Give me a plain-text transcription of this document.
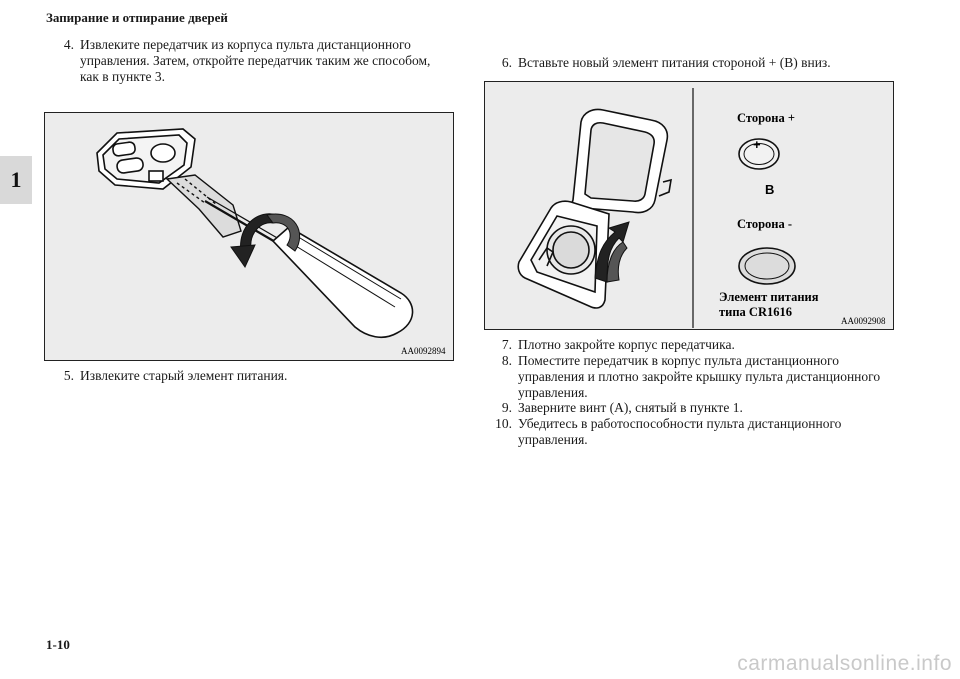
Запирание и отпирание дверей
1
4. Извлеките передатчик из корпуса пульта дистанционного
управления. Затем, откройте передатчик таким же способом,
как в пункте 3.
AA0092894
5. Извлеките старый элемент питания.
6. Вставьте новый элемент питания стороной + (B) вниз.
Сторона +
+
B
Сторона -
Элемент питания
типа CR1616
AA0092908
7. Плотно закройте корпус передатчика.
8. Поместите передатчик в корпус пульта дистанционного
управления и плотно закройте крышку пульта дистанционного
управления.
9. Заверните винт (A), снятый в пункте 1.
10. Убедитесь в работоспособности пульта дистанционного
управления.
1-10
carmanualsonline.info
